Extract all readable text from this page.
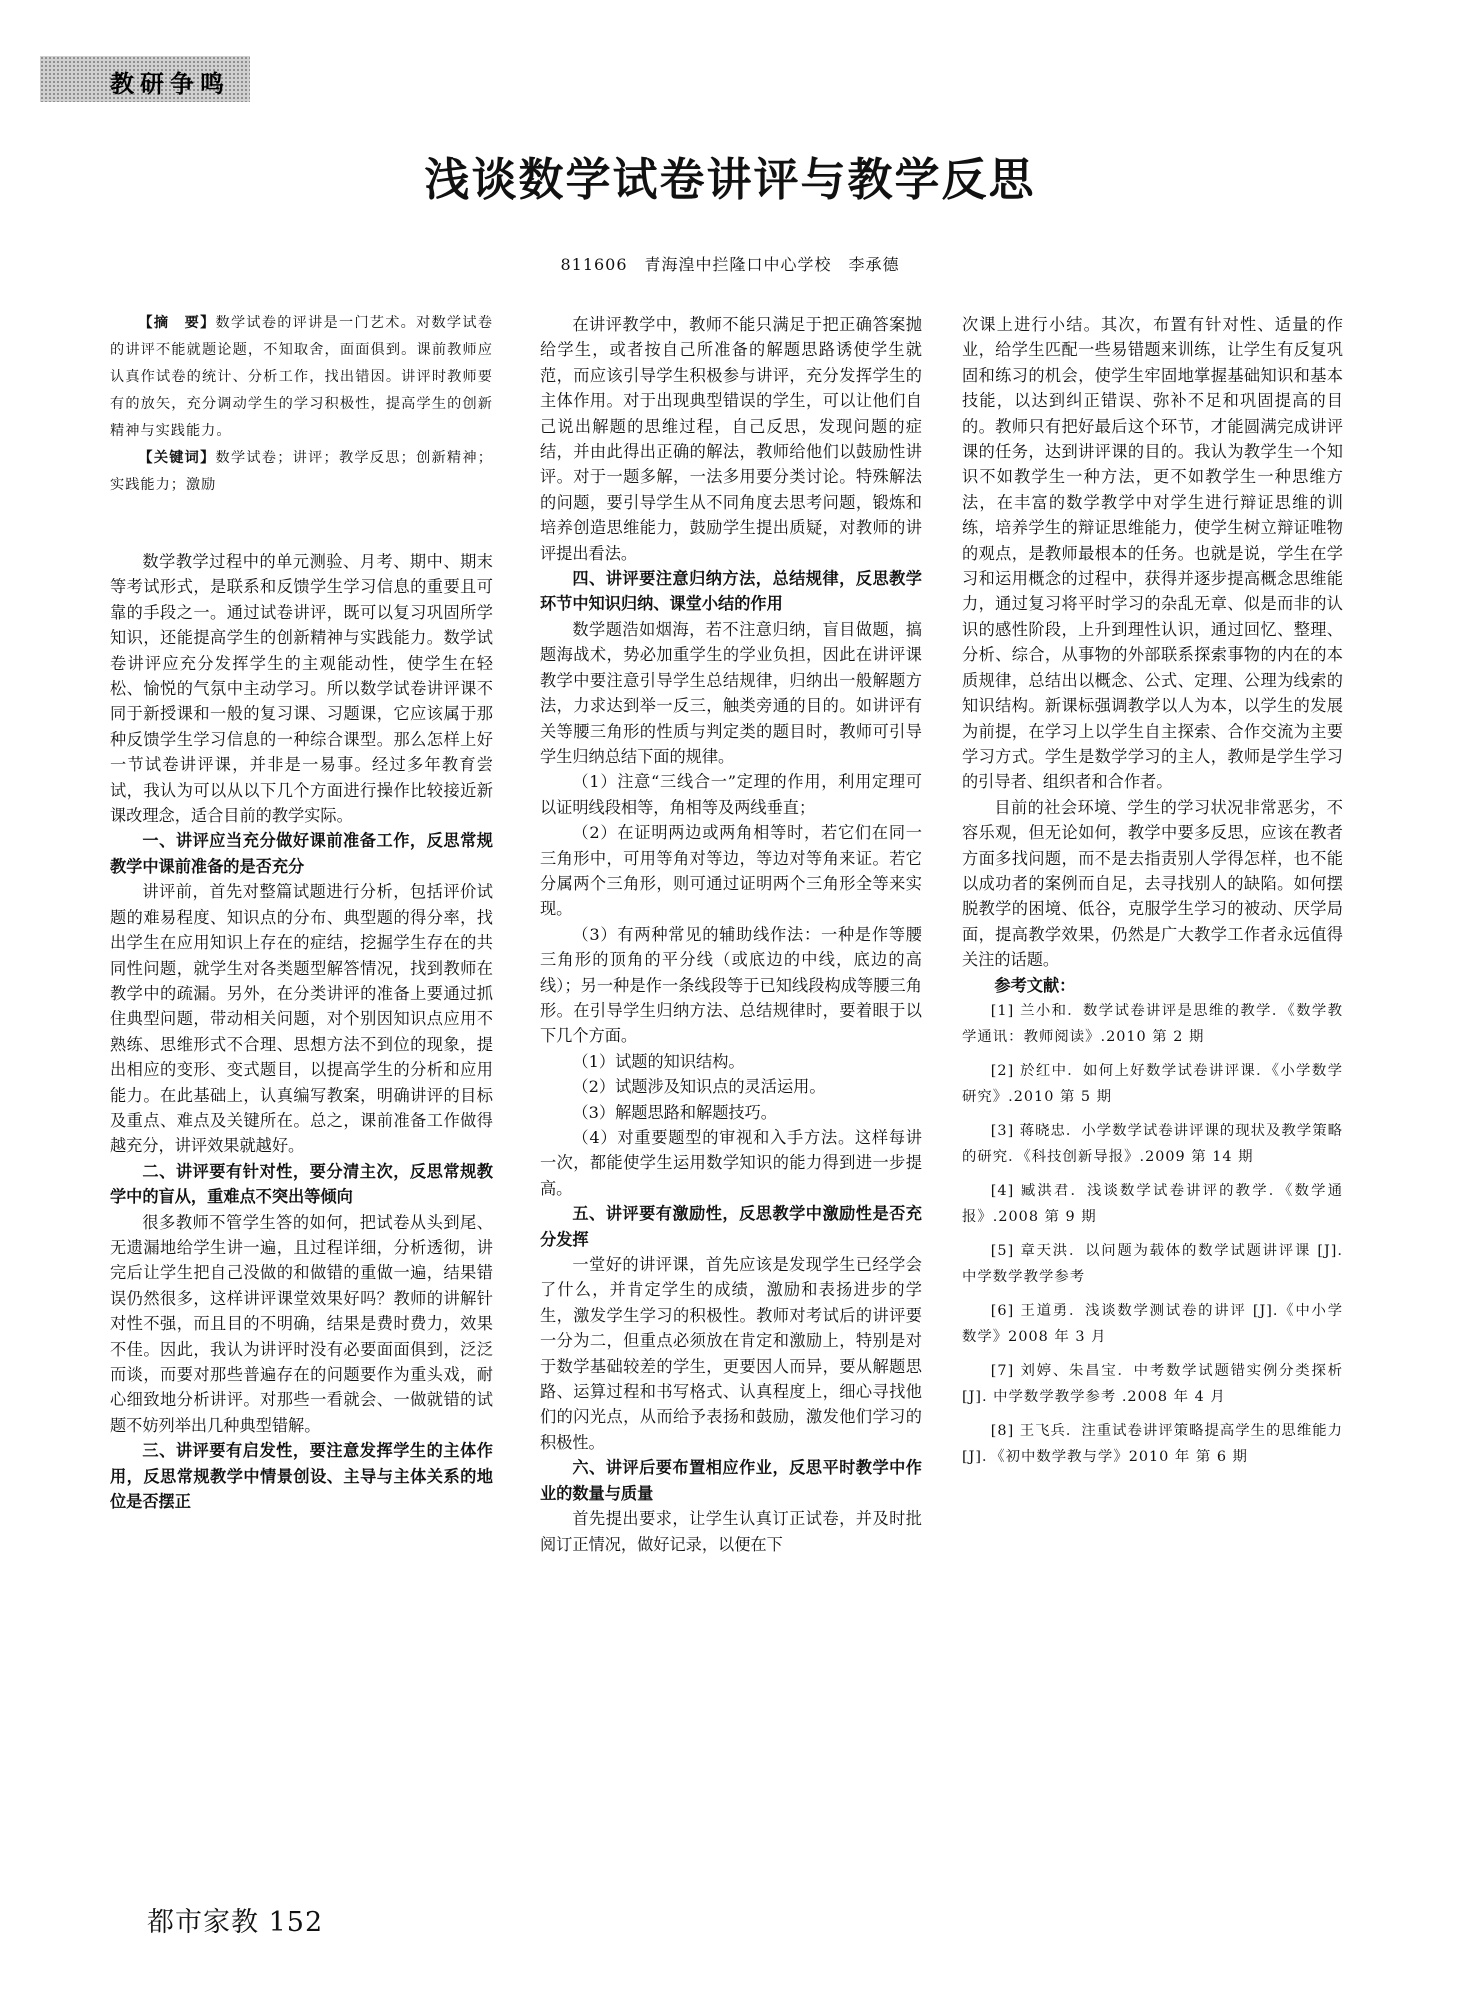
教研争鸣
浅谈数学试卷讲评与教学反思
811606　青海湟中拦隆口中心学校　李承德

【摘　要】数学试卷的评讲是一门艺术。对数学试卷的讲评不能就题论题，不知取舍，面面俱到。课前教师应认真作试卷的统计、分析工作，找出错因。讲评时教师要有的放矢，充分调动学生的学习积极性，提高学生的创新精神与实践能力。

【关键词】数学试卷；讲评；教学反思；创新精神；实践能力；激励

数学教学过程中的单元测验、月考、期中、期末等考试形式，是联系和反馈学生学习信息的重要且可靠的手段之一。通过试卷讲评，既可以复习巩固所学知识，还能提高学生的创新精神与实践能力。数学试卷讲评应充分发挥学生的主观能动性，使学生在轻松、愉悦的气氛中主动学习。所以数学试卷讲评课不同于新授课和一般的复习课、习题课，它应该属于那种反馈学生学习信息的一种综合课型。那么怎样上好一节试卷讲评课，并非是一易事。经过多年教育尝试，我认为可以从以下几个方面进行操作比较接近新课改理念，适合目前的教学实际。

一、讲评应当充分做好课前准备工作，反思常规教学中课前准备的是否充分

讲评前，首先对整篇试题进行分析，包括评价试题的难易程度、知识点的分布、典型题的得分率，找出学生在应用知识上存在的症结，挖掘学生存在的共同性问题，就学生对各类题型解答情况，找到教师在教学中的疏漏。另外，在分类讲评的准备上要通过抓住典型问题，带动相关问题，对个别因知识点应用不熟练、思维形式不合理、思想方法不到位的现象，提出相应的变形、变式题目，以提高学生的分析和应用能力。在此基础上，认真编写教案，明确讲评的目标及重点、难点及关键所在。总之，课前准备工作做得越充分，讲评效果就越好。

二、讲评要有针对性，要分清主次，反思常规教学中的盲从，重难点不突出等倾向

很多教师不管学生答的如何，把试卷从头到尾、无遗漏地给学生讲一遍，且过程详细，分析透彻，讲完后让学生把自己没做的和做错的重做一遍，结果错误仍然很多，这样讲评课堂效果好吗？教师的讲解针对性不强，而且目的不明确，结果是费时费力，效果不佳。因此，我认为讲评时没有必要面面俱到，泛泛而谈，而要对那些普遍存在的问题要作为重头戏，耐心细致地分析讲评。对那些一看就会、一做就错的试题不妨列举出几种典型错解。

三、讲评要有启发性，要注意发挥学生的主体作用，反思常规教学中情景创设、主导与主体关系的地位是否摆正

在讲评教学中，教师不能只满足于把正确答案抛给学生，或者按自己所准备的解题思路诱使学生就范，而应该引导学生积极参与讲评，充分发挥学生的主体作用。对于出现典型错误的学生，可以让他们自己说出解题的思维过程，自己反思，发现问题的症结，并由此得出正确的解法，教师给他们以鼓励性讲评。对于一题多解，一法多用要分类讨论。特殊解法的问题，要引导学生从不同角度去思考问题，锻炼和培养创造思维能力，鼓励学生提出质疑，对教师的讲评提出看法。

四、讲评要注意归纳方法，总结规律，反思教学环节中知识归纳、课堂小结的作用

数学题浩如烟海，若不注意归纳，盲目做题，搞题海战术，势必加重学生的学业负担，因此在讲评课教学中要注意引导学生总结规律，归纳出一般解题方法，力求达到举一反三，触类旁通的目的。如讲评有关等腰三角形的性质与判定类的题目时，教师可引导学生归纳总结下面的规律。

（1）注意“三线合一”定理的作用，利用定理可以证明线段相等，角相等及两线垂直；

（2）在证明两边或两角相等时，若它们在同一三角形中，可用等角对等边，等边对等角来证。若它分属两个三角形，则可通过证明两个三角形全等来实现。

（3）有两种常见的辅助线作法：一种是作等腰三角形的顶角的平分线（或底边的中线，底边的高线）；另一种是作一条线段等于已知线段构成等腰三角形。在引导学生归纳方法、总结规律时，要着眼于以下几个方面。

（1）试题的知识结构。

（2）试题涉及知识点的灵活运用。

（3）解题思路和解题技巧。

（4）对重要题型的审视和入手方法。这样每讲一次，都能使学生运用数学知识的能力得到进一步提高。

五、讲评要有激励性，反思教学中激励性是否充分发挥

一堂好的讲评课，首先应该是发现学生已经学会了什么，并肯定学生的成绩，激励和表扬进步的学生，激发学生学习的积极性。教师对考试后的讲评要一分为二，但重点必须放在肯定和激励上，特别是对于数学基础较差的学生，更要因人而异，要从解题思路、运算过程和书写格式、认真程度上，细心寻找他们的闪光点，从而给予表扬和鼓励，激发他们学习的积极性。

六、讲评后要布置相应作业，反思平时教学中作业的数量与质量

首先提出要求，让学生认真订正试卷，并及时批阅订正情况，做好记录，以便在下

次课上进行小结。其次，布置有针对性、适量的作业，给学生匹配一些易错题来训练，让学生有反复巩固和练习的机会，使学生牢固地掌握基础知识和基本技能，以达到纠正错误、弥补不足和巩固提高的目的。教师只有把好最后这个环节，才能圆满完成讲评课的任务，达到讲评课的目的。我认为教学生一个知识不如教学生一种方法，更不如教学生一种思维方法，在丰富的数学教学中对学生进行辩证思维的训练，培养学生的辩证思维能力，使学生树立辩证唯物的观点，是教师最根本的任务。也就是说，学生在学习和运用概念的过程中，获得并逐步提高概念思维能力，通过复习将平时学习的杂乱无章、似是而非的认识的感性阶段，上升到理性认识，通过回忆、整理、分析、综合，从事物的外部联系探索事物的内在的本质规律，总结出以概念、公式、定理、公理为线索的知识结构。新课标强调教学以人为本，以学生的发展为前提，在学习上以学生自主探索、合作交流为主要学习方式。学生是数学学习的主人，教师是学生学习的引导者、组织者和合作者。

目前的社会环境、学生的学习状况非常恶劣，不容乐观，但无论如何，教学中要多反思，应该在教者方面多找问题，而不是去指责别人学得怎样，也不能以成功者的案例而自足，去寻找别人的缺陷。如何摆脱教学的困境、低谷，克服学生学习的被动、厌学局面，提高教学效果，仍然是广大教学工作者永远值得关注的话题。

参考文献：

[1] 兰小和．数学试卷讲评是思维的教学．《数学教学通讯：教师阅读》.2010 第 2 期

[2] 於红中．如何上好数学试卷讲评课．《小学数学研究》.2010 第 5 期

[3] 蒋晓忠．小学数学试卷讲评课的现状及教学策略的研究．《科技创新导报》.2009 第 14 期

[4] 臧洪君．浅谈数学试卷讲评的教学．《数学通报》.2008 第 9 期

[5] 章天洪．以问题为载体的数学试题讲评课 [J]. 中学数学教学参考

[6] 王道勇．浅谈数学测试卷的讲评 [J].《中小学数学》2008 年 3 月

[7] 刘婷、朱昌宝．中考数学试题错实例分类探析 [J]. 中学数学教学参考 .2008 年 4 月

[8] 王飞兵．注重试卷讲评策略提高学生的思维能力 [J]．《初中数学教与学》2010 年 第 6 期

都市家教 152
